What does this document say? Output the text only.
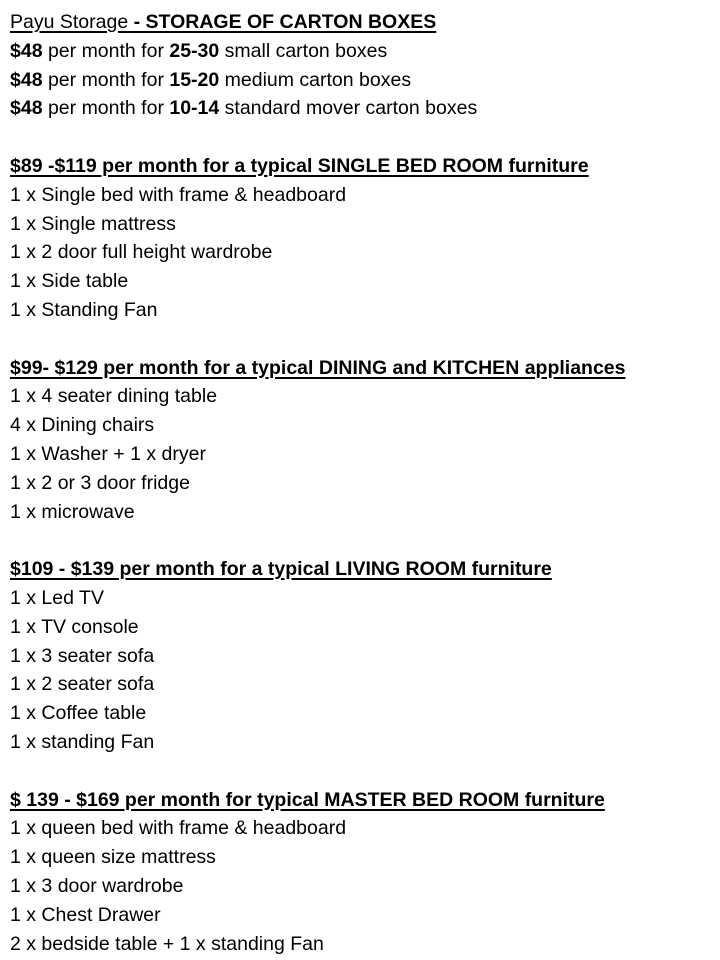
Payu Storage - STORAGE OF CARTON BOXES

$48 per month for 25-30 small carton boxes

$48 per month for 15-20 medium carton boxes

$48 per month for 10-14 standard mover carton boxes

$89 -$119 per month for a typical SINGLE BED ROOM furniture

1 x Single bed with frame & headboard

1 x Single mattress

1 x 2 door full height wardrobe

1 x Side table

1 x Standing Fan

$99- $129 per month for a typical DINING and KITCHEN appliances

1 x 4 seater dining table

4 x Dining chairs

1 x Washer + 1 x dryer

1 x 2 or 3 door fridge

1 x microwave

$109 - $139 per month for a typical LIVING ROOM furniture

1 x Led TV

1 x TV console

1 x 3 seater sofa

1 x 2 seater sofa

1 x Coffee table

1 x standing Fan

$ 139 - $169 per month for typical MASTER BED ROOM furniture

1 x queen bed with frame & headboard

1 x queen size mattress

1 x 3 door wardrobe

1 x Chest Drawer

2 x bedside table + 1 x standing Fan
